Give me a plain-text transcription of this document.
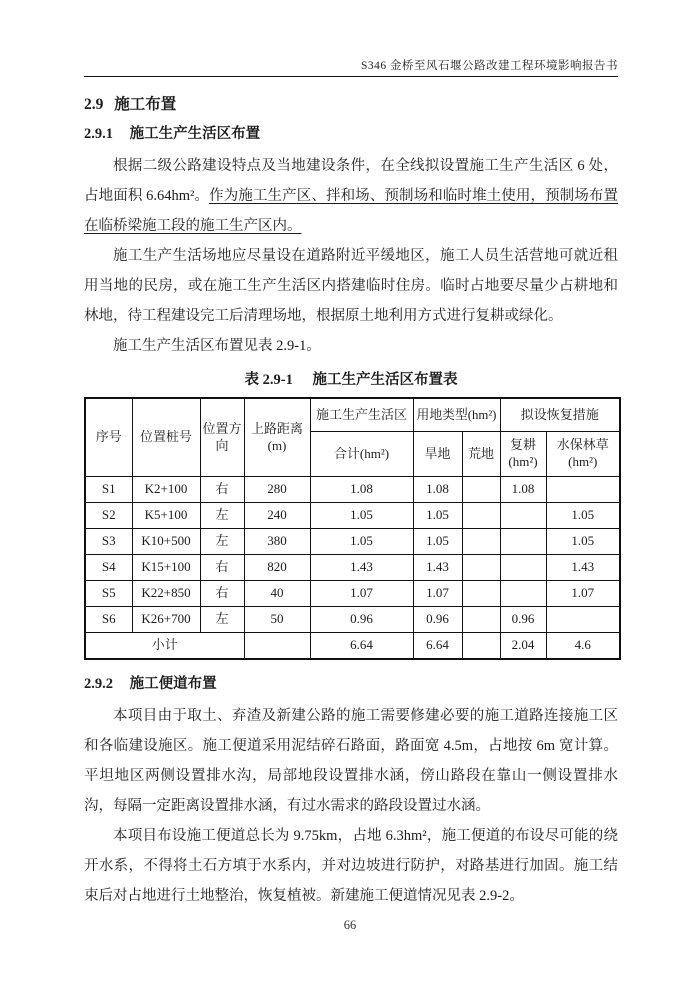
S346 金桥至风石堰公路改建工程环境影响报告书
2.9 施工布置
2.9.1 施工生产生活区布置

根据二级公路建设特点及当地建设条件，在全线拟设置施工生产生活区 6 处，占地面积 6.64hm²。作为施工生产区、拌和场、预制场和临时堆土使用，预制场布置在临桥梁施工段的施工生产区内。

施工生产生活场地应尽量设在道路附近平缓地区，施工人员生活营地可就近租用当地的民房，或在施工生产生活区内搭建临时住房。临时占地要尽量少占耕地和林地，待工程建设完工后清理场地，根据原土地利用方式进行复耕或绿化。

施工生产生活区布置见表 2.9-1。

表 2.9-1 施工生产生活区布置表
序号	位置桩号	位置方向	上路距离(m)	施工生产生活区	用地类型(hm²)		拟设恢复措施	
				合计(hm²)	旱地	荒地	复耕(hm²)	水保林草(hm²)
S1	K2+100	右	280	1.08	1.08		1.08	
S2	K5+100	左	240	1.05	1.05			1.05
S3	K10+500	左	380	1.05	1.05			1.05
S4	K15+100	右	820	1.43	1.43			1.43
S5	K22+850	右	40	1.07	1.07			1.07
S6	K26+700	左	50	0.96	0.96		0.96	
小计				6.64	6.64		2.04	4.6
2.9.2 施工便道布置

本项目由于取土、弃渣及新建公路的施工需要修建必要的施工道路连接施工区和各临建设施区。施工便道采用泥结碎石路面，路面宽 4.5m，占地按 6m 宽计算。平坦地区两侧设置排水沟，局部地段设置排水涵，傍山路段在靠山一侧设置排水沟，每隔一定距离设置排水涵，有过水需求的路段设置过水涵。

本项目布设施工便道总长为 9.75km，占地 6.3hm²，施工便道的布设尽可能的绕开水系，不得将土石方填于水系内，并对边坡进行防护，对路基进行加固。施工结束后对占地进行土地整治，恢复植被。新建施工便道情况见表 2.9-2。

66
